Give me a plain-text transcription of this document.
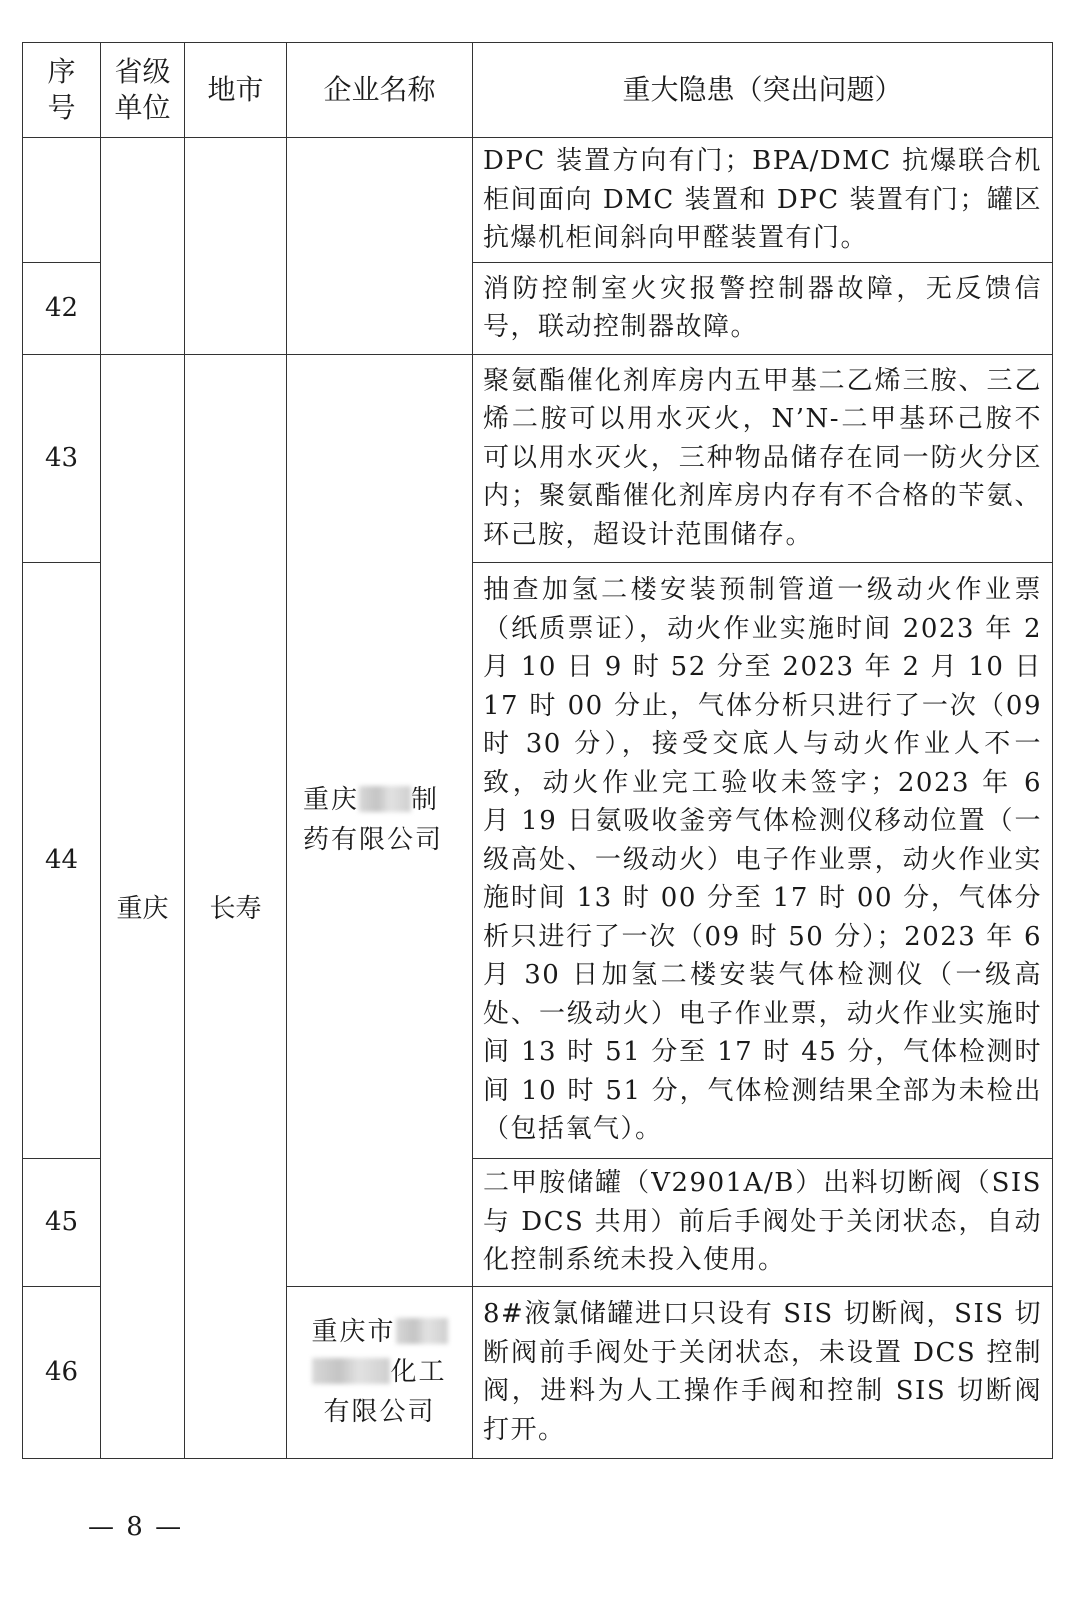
序号	省级单位	地市	企业名称	重大隐患（突出问题）
				DPC 装置方向有门；BPA/DMC 抗爆联合机柜间面向 DMC 装置和 DPC 装置有门；罐区抗爆机柜间斜向甲醛装置有门。
42				消防控制室火灾报警控制器故障，无反馈信号，联动控制器故障。
43	重庆	长寿	重庆 制
药有限公司	聚氨酯催化剂库房内五甲基二乙烯三胺、三乙烯二胺可以用水灭火，N’N-二甲基环己胺不可以用水灭火，三种物品储存在同一防火分区内；聚氨酯催化剂库房内存有不合格的苄氨、环己胺，超设计范围储存。
44				抽查加氢二楼安装预制管道一级动火作业票（纸质票证），动火作业实施时间 2023 年 2 月 10 日 9 时 52 分至 2023 年 2 月 10 日 17 时 00 分止，气体分析只进行了一次（09 时 30 分），接受交底人与动火作业人不一致，动火作业完工验收未签字；2023 年 6 月 19 日氨吸收釜旁气体检测仪移动位置（一级高处、一级动火）电子作业票，动火作业实施时间 13 时 00 分至 17 时 00 分，气体分析只进行了一次（09 时 50 分）；2023 年 6 月 30 日加氢二楼安装气体检测仪（一级高处、一级动火）电子作业票，动火作业实施时间 13 时 51 分至 17 时 45 分，气体检测时间 10 时 51 分，气体检测结果全部为未检出（包括氧气）。
45				二甲胺储罐（V2901A/B）出料切断阀（SIS 与 DCS 共用）前后手阀处于关闭状态，自动化控制系统未投入使用。
46			重庆市
化工
有限公司	8#液氯储罐进口只设有 SIS 切断阀，SIS 切断阀前手阀处于关闭状态，未设置 DCS 控制阀，进料为人工操作手阀和控制 SIS 切断阀打开。
— 8 —
